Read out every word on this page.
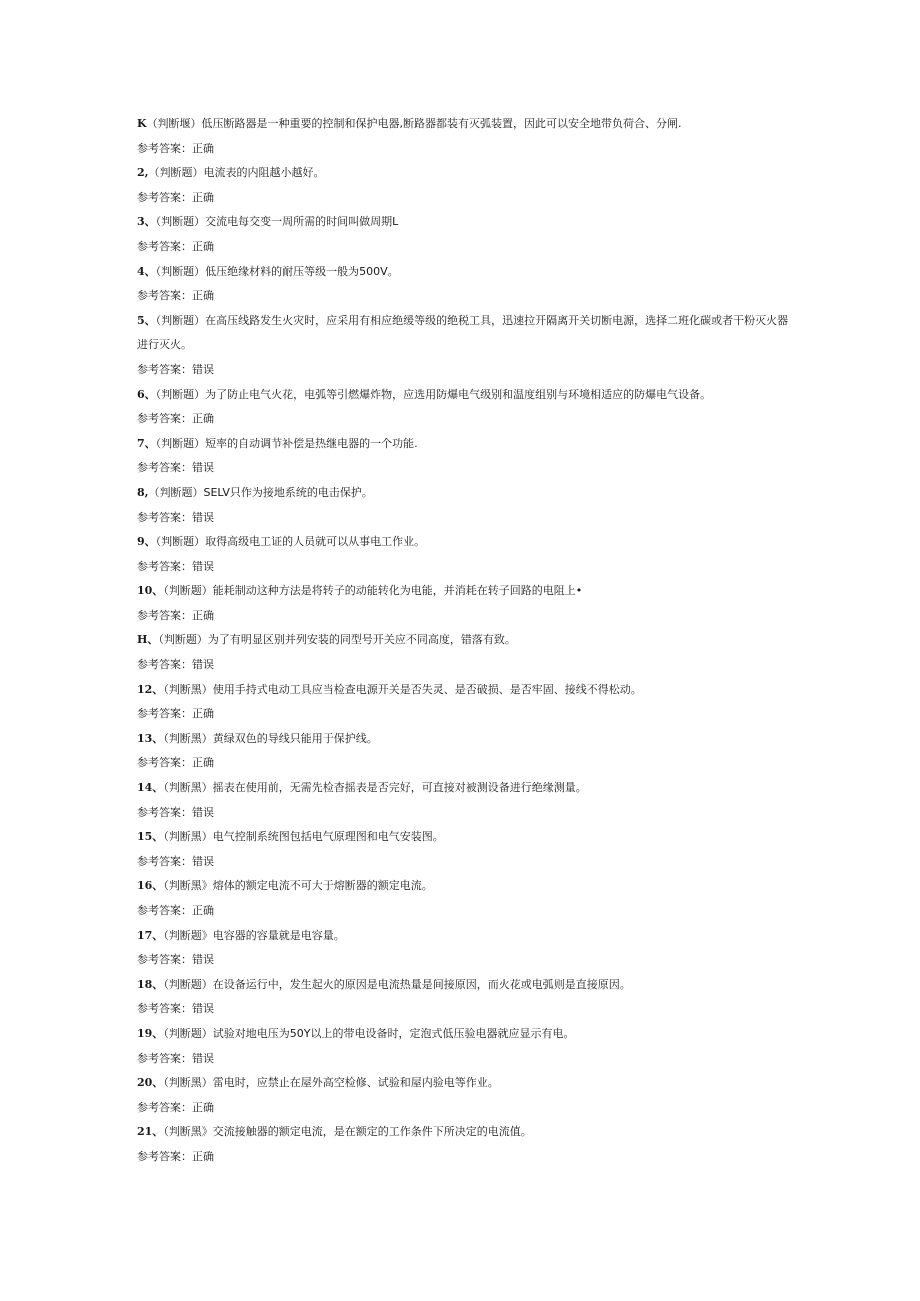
K（判断堰）低压断路器是一种重要的控制和保护电器,断路器都装有灭弧装置，因此可以安全地带负荷合、分闸.
参考答案：正确
2,（判断题）电流表的内阻越小越好。
参考答案：正确
3、（判断题）交流电每交变一周所需的时间叫做周期L
参考答案：正确
4、（判断题）低压绝缘材料的耐压等级一般为500V。
参考答案：正确
5、（判断题）在高压线路发生火灾时，应采用有相应绝缓等级的绝税工具，迅速拉开隔离开关切断电源，选择二班化碳或者干粉灭火器
进行灭火。
参考答案：错误
6、（判断题）为了防止电气火花，电弧等引燃爆炸物，应选用防爆电气级别和温度组别与环境相适应的防爆电气设备。
参考答案：正确
7、（判断题）短率的自动调节补偿是热继电器的一个功能.
参考答案：错误
8,（判断题）SELV只作为接地系统的电击保护。
参考答案：错误
9、（判断题）取得高级电工证的人员就可以从事电工作业。
参考答案：错误
10、（判断题）能耗制动这种方法是将转子的动能转化为电能，并消耗在转子回路的电阻上•
参考答案：正确
H、（判断题）为了有明显区别并列安装的同型号开关应不同高度，错落有致。
参考答案：错误
12、（判断黑）使用手持式电动工具应当检查电源开关是否失灵、是否破损、是否牢固、接线不得松动。
参考答案：正确
13、（判断黑）黄绿双色的导线只能用于保护线。
参考答案：正确
14、（判断黑）摇表在使用前，无需先检杳摇表是否完好，可直接对被测设备进行绝缘测量。
参考答案：错误
15、（判断黑）电气控制系统图包括电气原理图和电气安装图。
参考答案：错误
16、（判断黑》熔体的额定电流不可大于熔断器的额定电流。
参考答案：正确
17、（判断题》电容器的容量就是电容量。
参考答案：错误
18、（判断题）在设备运行中，发生起火的原因是电流热量是间接原因，而火花或电弧则是直接原因。
参考答案：错误
19、（判断题）试验对地电压为50Y以上的带电设备时，定泡式低压验电器就应显示有电。
参考答案：错误
20、（判断黑）雷电时，应禁止在屋外高空检修、试验和屋内验电等作业。
参考答案：正确
21、（判断黑》交流接触器的额定电流，是在额定的工作条件下所决定的电流值。
参考答案：正确
